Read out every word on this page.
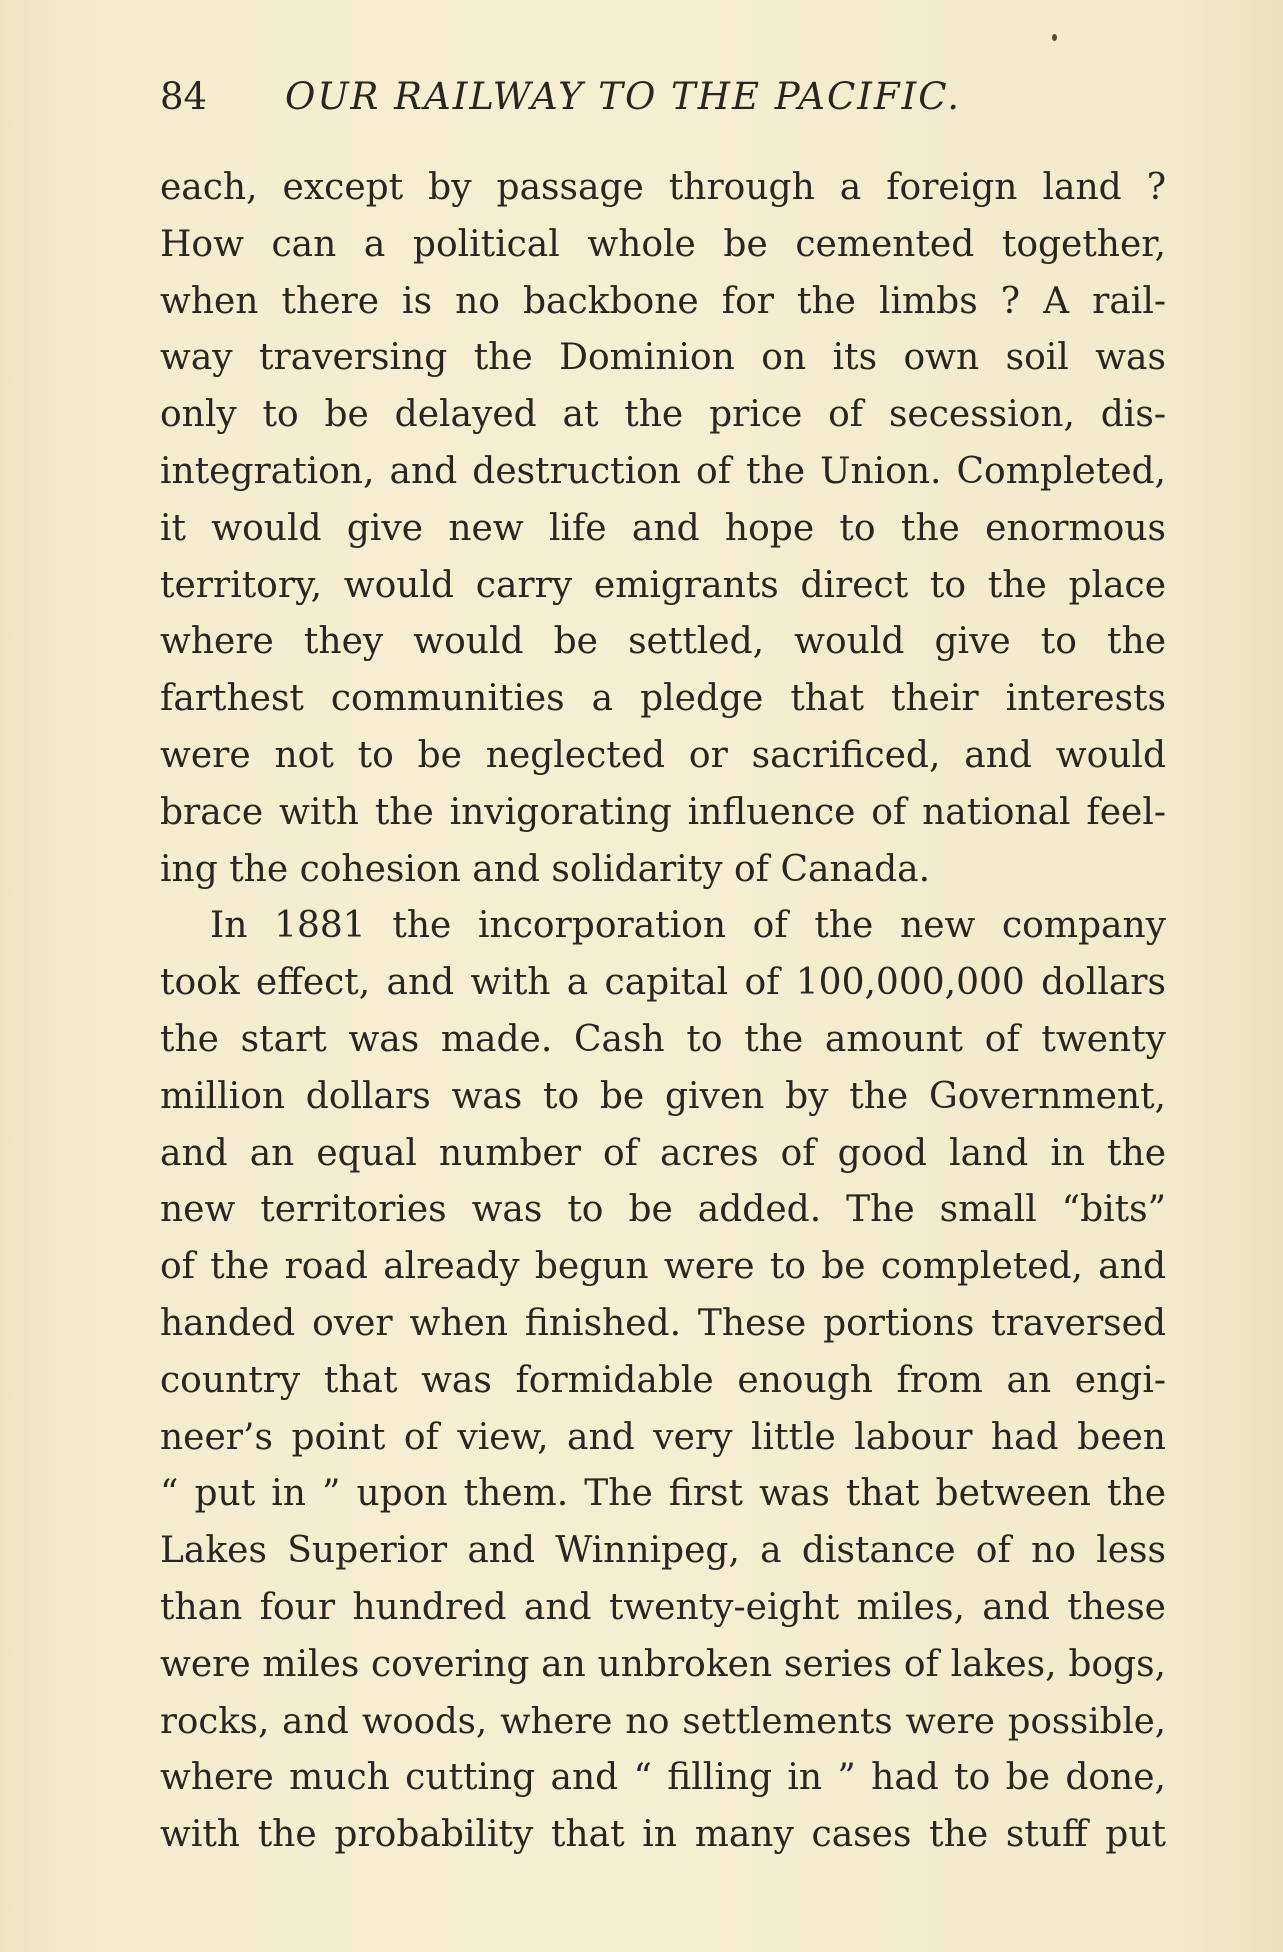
84 OUR RAILWAY TO THE PACIFIC.
each, except by passage through a foreign land ?
How can a political whole be cemented together,
when there is no backbone for the limbs ? A rail-
way traversing the Dominion on its own soil was
only to be delayed at the price of secession, dis-
integration, and destruction of the Union. Completed,
it would give new life and hope to the enormous
territory, would carry emigrants direct to the place
where they would be settled, would give to the
farthest communities a pledge that their interests
were not to be neglected or sacrificed, and would
brace with the invigorating influence of national feel-
ing the cohesion and solidarity of Canada.
In 1881 the incorporation of the new company
took effect, and with a capital of 100,000,000 dollars
the start was made. Cash to the amount of twenty
million dollars was to be given by the Government,
and an equal number of acres of good land in the
new territories was to be added. The small “bits”
of the road already begun were to be completed, and
handed over when finished. These portions traversed
country that was formidable enough from an engi-
neer’s point of view, and very little labour had been
“ put in ” upon them. The first was that between the
Lakes Superior and Winnipeg, a distance of no less
than four hundred and twenty-eight miles, and these
were miles covering an unbroken series of lakes, bogs,
rocks, and woods, where no settlements were possible,
where much cutting and “ filling in ” had to be done,
with the probability that in many cases the stuff put
